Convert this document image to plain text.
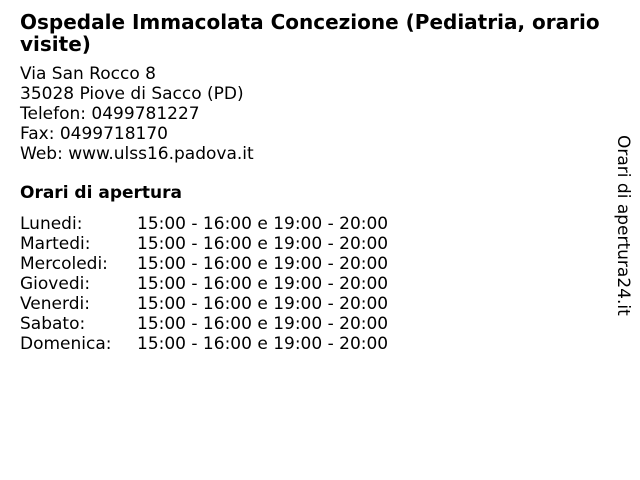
Ospedale Immacolata Concezione (Pediatria, orario visite)
Via San Rocco 8
35028 Piove di Sacco (PD)
Telefon: 0499781227
Fax: 0499718170
Web: www.ulss16.padova.it
Orari di apertura
Lunedi:	15:00 - 16:00 e 19:00 - 20:00
Martedi:	15:00 - 16:00 e 19:00 - 20:00
Mercoledi:	15:00 - 16:00 e 19:00 - 20:00
Giovedi:	15:00 - 16:00 e 19:00 - 20:00
Venerdi:	15:00 - 16:00 e 19:00 - 20:00
Sabato:	15:00 - 16:00 e 19:00 - 20:00
Domenica:	15:00 - 16:00 e 19:00 - 20:00
Orari di apertura24.it
